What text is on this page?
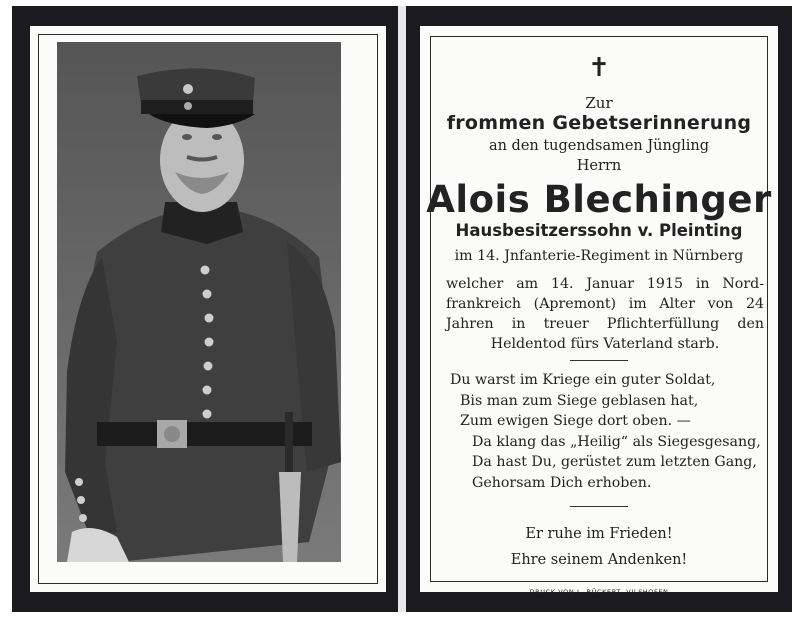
✝
Zur
frommen Gebetserinnerung
an den tugendsamen Jüngling
Herrn
Alois Blechinger
Hausbesitzerssohn v. Pleinting
im 14. Jnfanterie-Regiment in Nürnberg
welcher am 14. Januar 1915 in Nord-
frankreich (Apremont) im Alter von 24
Jahren in treuer Pflichterfüllung den
Heldentod fürs Vaterland starb.
Du warst im Kriege ein guter Soldat,
Bis man zum Siege geblasen hat,
Zum ewigen Siege dort oben. —
Da klang das „Heilig“ als Siegesgesang,
Da hast Du, gerüstet zum letzten Gang,
Gehorsam Dich erhoben.
Er ruhe im Frieden!
Ehre seinem Andenken!
DRUCK VON L. RÜCKERT, VILSHOFEN
